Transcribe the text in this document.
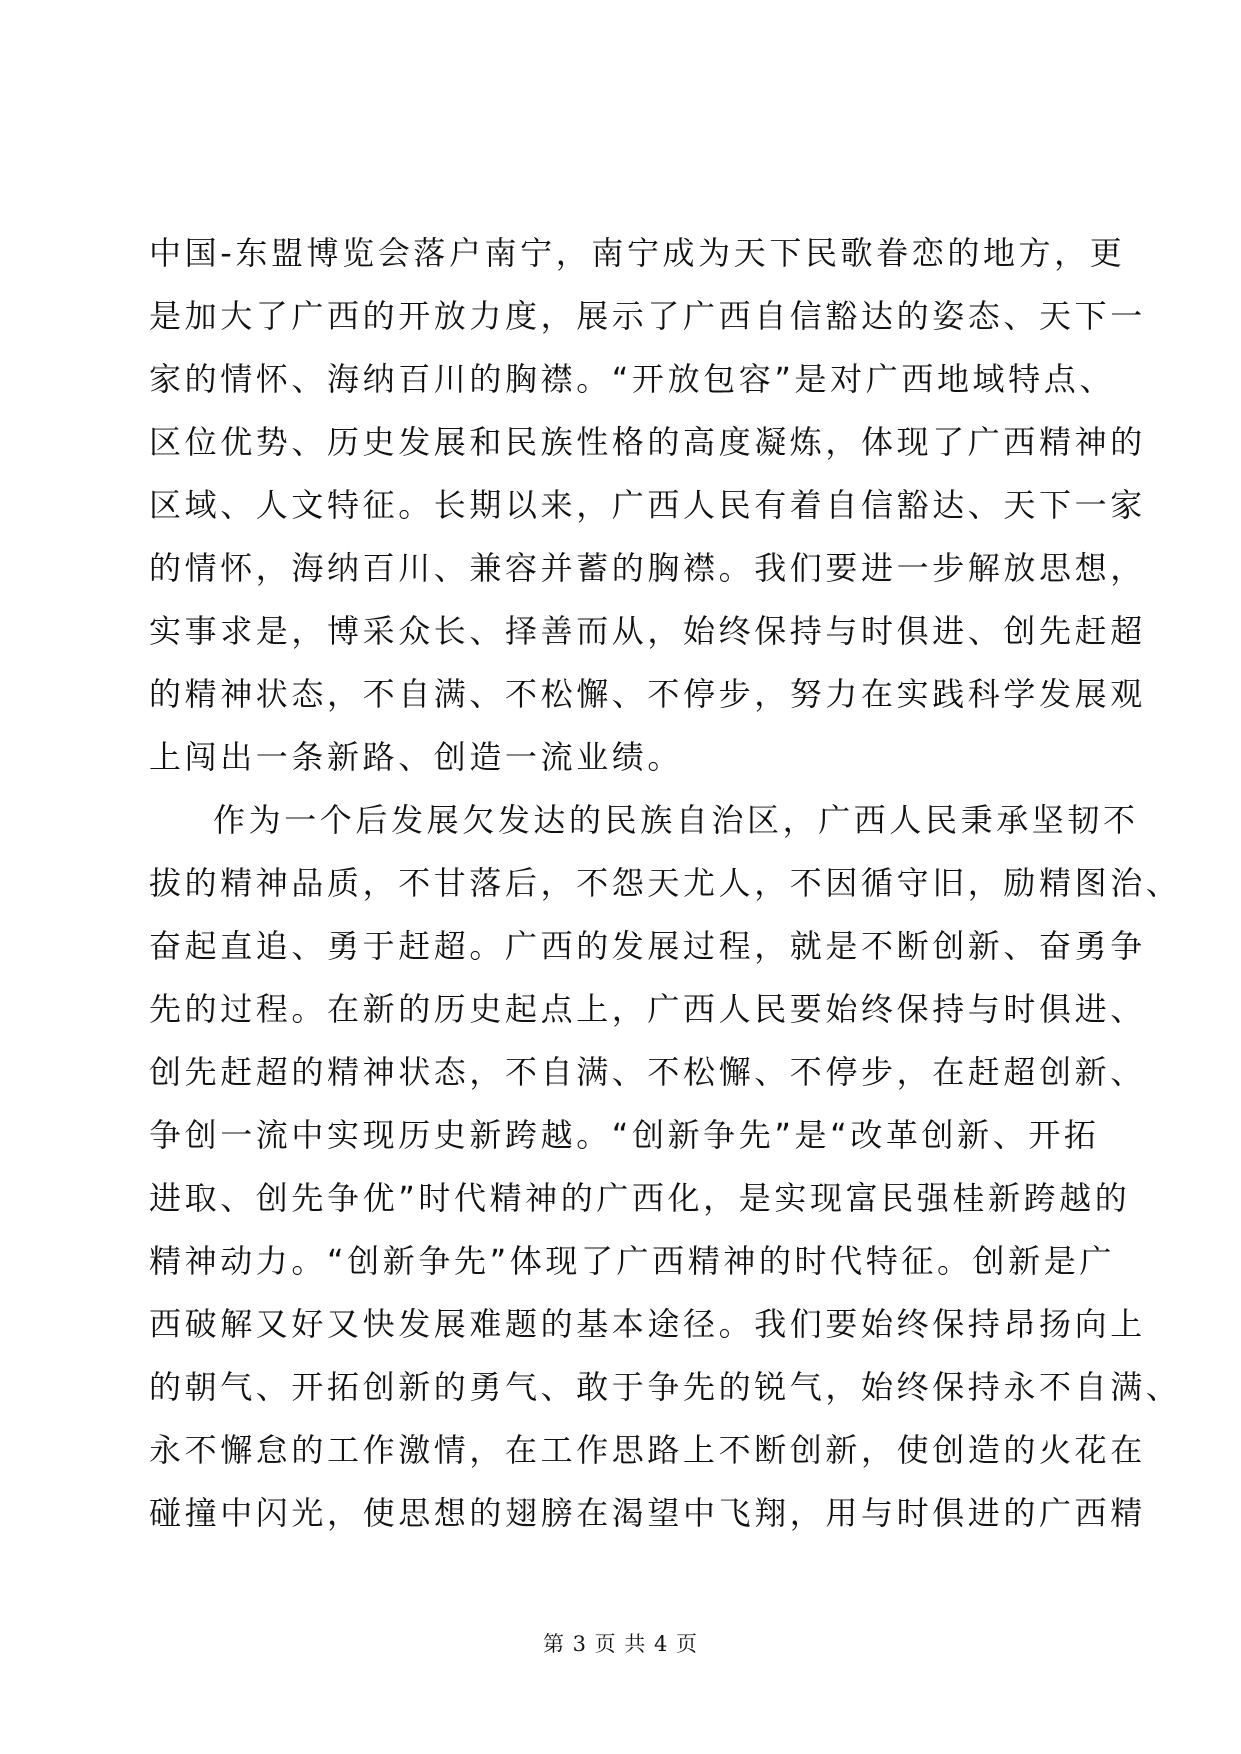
中国-东盟博览会落户南宁，南宁成为天下民歌眷恋的地方，更
是加大了广西的开放力度，展示了广西自信豁达的姿态、天下一
家的情怀、海纳百川的胸襟。“开放包容”是对广西地域特点、
区位优势、历史发展和民族性格的高度凝炼，体现了广西精神的
区域、人文特征。长期以来，广西人民有着自信豁达、天下一家
的情怀，海纳百川、兼容并蓄的胸襟。我们要进一步解放思想，
实事求是，博采众长、择善而从，始终保持与时俱进、创先赶超
的精神状态，不自满、不松懈、不停步，努力在实践科学发展观
上闯出一条新路、创造一流业绩。
作为一个后发展欠发达的民族自治区，广西人民秉承坚韧不
拔的精神品质，不甘落后，不怨天尤人，不因循守旧，励精图治、
奋起直追、勇于赶超。广西的发展过程，就是不断创新、奋勇争
先的过程。在新的历史起点上，广西人民要始终保持与时俱进、
创先赶超的精神状态，不自满、不松懈、不停步，在赶超创新、
争创一流中实现历史新跨越。“创新争先”是“改革创新、开拓
进取、创先争优”时代精神的广西化，是实现富民强桂新跨越的
精神动力。“创新争先”体现了广西精神的时代特征。创新是广
西破解又好又快发展难题的基本途径。我们要始终保持昂扬向上
的朝气、开拓创新的勇气、敢于争先的锐气，始终保持永不自满、
永不懈怠的工作激情，在工作思路上不断创新，使创造的火花在
碰撞中闪光，使思想的翅膀在渴望中飞翔，用与时俱进的广西精
第 3 页 共 4 页
